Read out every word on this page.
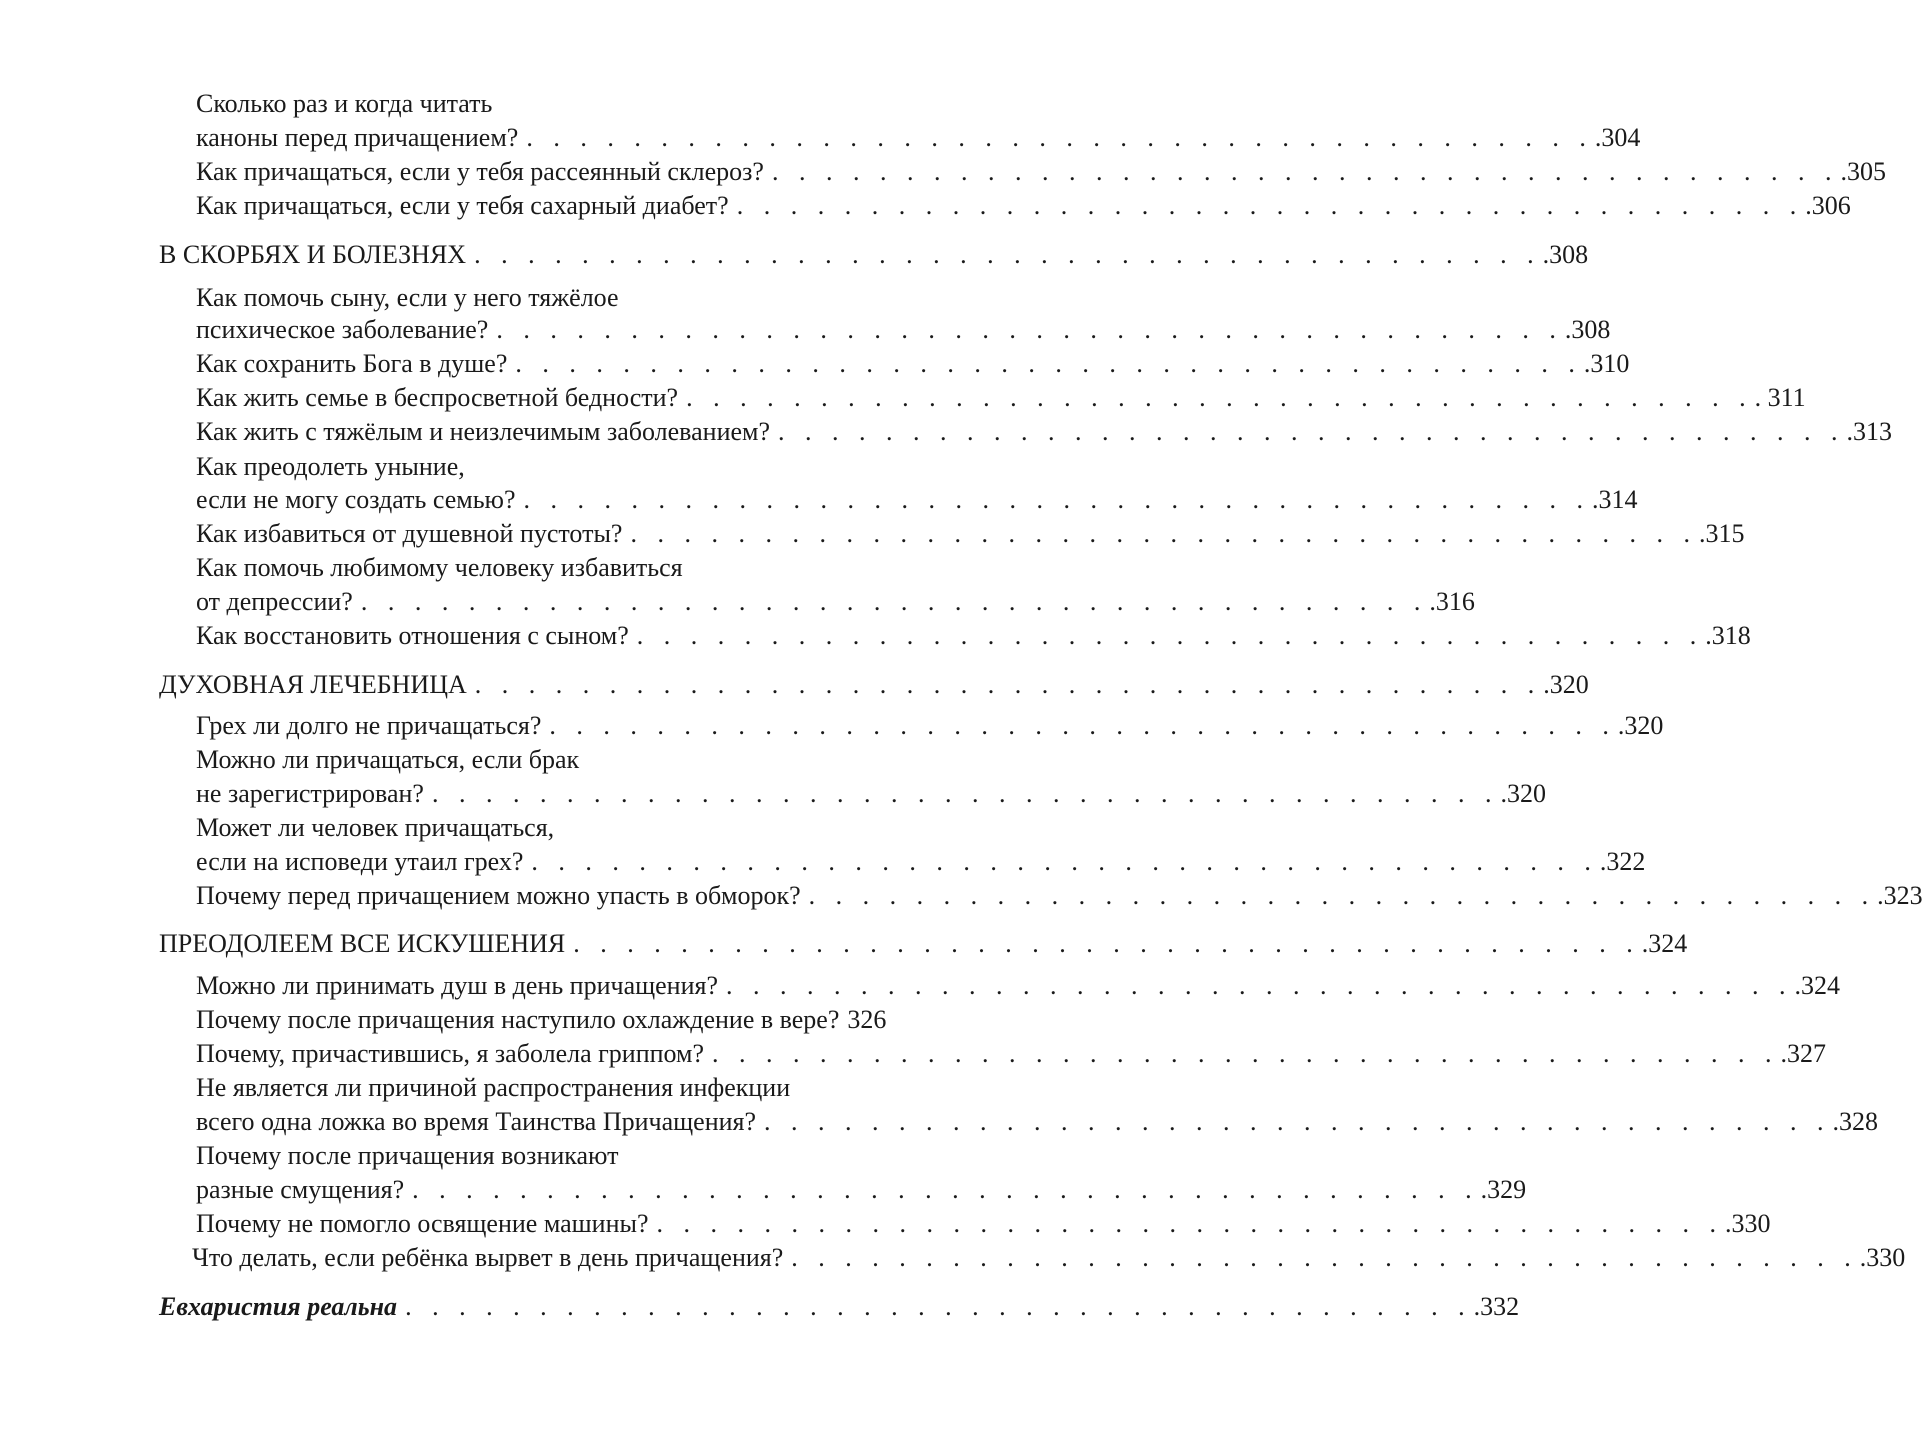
Сколько раз и когда читать
каноны перед причащением? . . . . . . . . . . . . . . . . . . . . . . . . . . . . . . . . . . . . . . . . .304
Как причащаться, если у тебя рассеянный склероз? . . . . . . . . . . . . . . . . . . . . . . . . . . . . . . . . . . . . . . . . .305
Как причащаться, если у тебя сахарный диабет? . . . . . . . . . . . . . . . . . . . . . . . . . . . . . . . . . . . . . . . . .306
В СКОРБЯХ И БОЛЕЗНЯХ . . . . . . . . . . . . . . . . . . . . . . . . . . . . . . . . . . . . . . . . .308
Как помочь сыну, если у него тяжёлое
психическое заболевание? . . . . . . . . . . . . . . . . . . . . . . . . . . . . . . . . . . . . . . . . .308
Как сохранить Бога в душе? . . . . . . . . . . . . . . . . . . . . . . . . . . . . . . . . . . . . . . . . .310
Как жить семье в беспросветной бедности? . . . . . . . . . . . . . . . . . . . . . . . . . . . . . . . . . . . . . . . . . 311
Как жить с тяжёлым и неизлечимым заболеванием? . . . . . . . . . . . . . . . . . . . . . . . . . . . . . . . . . . . . . . . . .313
Как преодолеть уныние,
если не могу создать семью? . . . . . . . . . . . . . . . . . . . . . . . . . . . . . . . . . . . . . . . . .314
Как избавиться от душевной пустоты? . . . . . . . . . . . . . . . . . . . . . . . . . . . . . . . . . . . . . . . . .315
Как помочь любимому человеку избавиться
от депрессии? . . . . . . . . . . . . . . . . . . . . . . . . . . . . . . . . . . . . . . . . .316
Как восстановить отношения с сыном? . . . . . . . . . . . . . . . . . . . . . . . . . . . . . . . . . . . . . . . . .318
ДУХОВНАЯ ЛЕЧЕБНИЦА . . . . . . . . . . . . . . . . . . . . . . . . . . . . . . . . . . . . . . . . .320
Грех ли долго не причащаться? . . . . . . . . . . . . . . . . . . . . . . . . . . . . . . . . . . . . . . . . .320
Можно ли причащаться, если брак
не зарегистрирован? . . . . . . . . . . . . . . . . . . . . . . . . . . . . . . . . . . . . . . . . .320
Может ли человек причащаться,
если на исповеди утаил грех? . . . . . . . . . . . . . . . . . . . . . . . . . . . . . . . . . . . . . . . . .322
Почему перед причащением можно упасть в обморок? . . . . . . . . . . . . . . . . . . . . . . . . . . . . . . . . . . . . . . . . .323
ПРЕОДОЛЕЕМ ВСЕ ИСКУШЕНИЯ . . . . . . . . . . . . . . . . . . . . . . . . . . . . . . . . . . . . . . . . .324
Можно ли принимать душ в день причащения? . . . . . . . . . . . . . . . . . . . . . . . . . . . . . . . . . . . . . . . . .324
Почему после причащения наступило охлаждение в вере? 326
Почему, причастившись, я заболела гриппом? . . . . . . . . . . . . . . . . . . . . . . . . . . . . . . . . . . . . . . . . .327
Не является ли причиной распространения инфекции
всего одна ложка во время Таинства Причащения? . . . . . . . . . . . . . . . . . . . . . . . . . . . . . . . . . . . . . . . . .328
Почему после причащения возникают
разные смущения? . . . . . . . . . . . . . . . . . . . . . . . . . . . . . . . . . . . . . . . . .329
Почему не помогло освящение машины? . . . . . . . . . . . . . . . . . . . . . . . . . . . . . . . . . . . . . . . . .330
Что делать, если ребёнка вырвет в день причащения? . . . . . . . . . . . . . . . . . . . . . . . . . . . . . . . . . . . . . . . . .330
Евхаристия реальна . . . . . . . . . . . . . . . . . . . . . . . . . . . . . . . . . . . . . . . . .332
